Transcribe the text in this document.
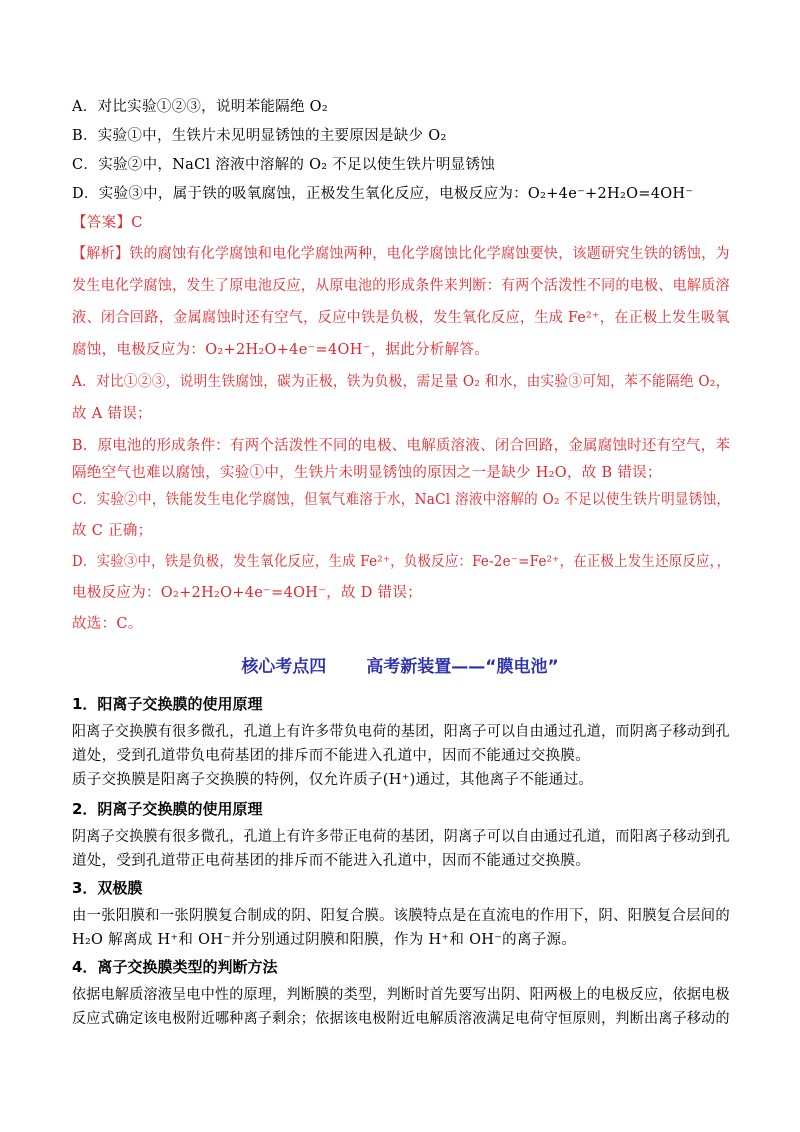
A．对比实验①②③，说明苯能隔绝 O₂
B．实验①中，生铁片未见明显锈蚀的主要原因是缺少 O₂
C．实验②中，NaCl 溶液中溶解的 O₂ 不足以使生铁片明显锈蚀
D．实验③中，属于铁的吸氧腐蚀，正极发生氧化反应，电极反应为：O₂+4e⁻+2H₂O=4OH⁻
【答案】C
【解析】铁的腐蚀有化学腐蚀和电化学腐蚀两种，电化学腐蚀比化学腐蚀要快，该题研究生铁的锈蚀，为
发生电化学腐蚀，发生了原电池反应，从原电池的形成条件来判断：有两个活泼性不同的电极、电解质溶
液、闭合回路，金属腐蚀时还有空气，反应中铁是负极，发生氧化反应，生成 Fe²⁺，在正极上发生吸氧
腐蚀，电极反应为：O₂+2H₂O+4e⁻=4OH⁻，据此分析解答。
A．对比①②③，说明生铁腐蚀，碳为正极，铁为负极，需足量 O₂ 和水，由实验③可知，苯不能隔绝 O₂，
故 A 错误；
B．原电池的形成条件：有两个活泼性不同的电极、电解质溶液、闭合回路，金属腐蚀时还有空气，苯
隔绝空气也难以腐蚀，实验①中，生铁片未明显锈蚀的原因之一是缺少 H₂O，故 B 错误；
C．实验②中，铁能发生电化学腐蚀，但氧气难溶于水，NaCl 溶液中溶解的 O₂ 不足以使生铁片明显锈蚀，
故 C 正确；
D．实验③中，铁是负极，发生氧化反应，生成 Fe²⁺，负极反应：Fe-2e⁻=Fe²⁺，在正极上发生还原反应，，
电极反应为：O₂+2H₂O+4e⁻=4OH⁻，故 D 错误；
故选：C。
核心考点四 高考新装置——“膜电池”
1．阳离子交换膜的使用原理
阳离子交换膜有很多微孔，孔道上有许多带负电荷的基团，阳离子可以自由通过孔道，而阴离子移动到孔
道处，受到孔道带负电荷基团的排斥而不能进入孔道中，因而不能通过交换膜。
质子交换膜是阳离子交换膜的特例，仅允许质子(H⁺)通过，其他离子不能通过。
2．阴离子交换膜的使用原理
阴离子交换膜有很多微孔，孔道上有许多带正电荷的基团，阴离子可以自由通过孔道，而阳离子移动到孔
道处，受到孔道带正电荷基团的排斥而不能进入孔道中，因而不能通过交换膜。
3．双极膜
由一张阳膜和一张阴膜复合制成的阴、阳复合膜。该膜特点是在直流电的作用下，阴、阳膜复合层间的
H₂O 解离成 H⁺和 OH⁻并分别通过阴膜和阳膜，作为 H⁺和 OH⁻的离子源。
4．离子交换膜类型的判断方法
依据电解质溶液呈电中性的原理，判断膜的类型，判断时首先要写出阴、阳两极上的电极反应，依据电极
反应式确定该电极附近哪种离子剩余；依据该电极附近电解质溶液满足电荷守恒原则，判断出离子移动的
